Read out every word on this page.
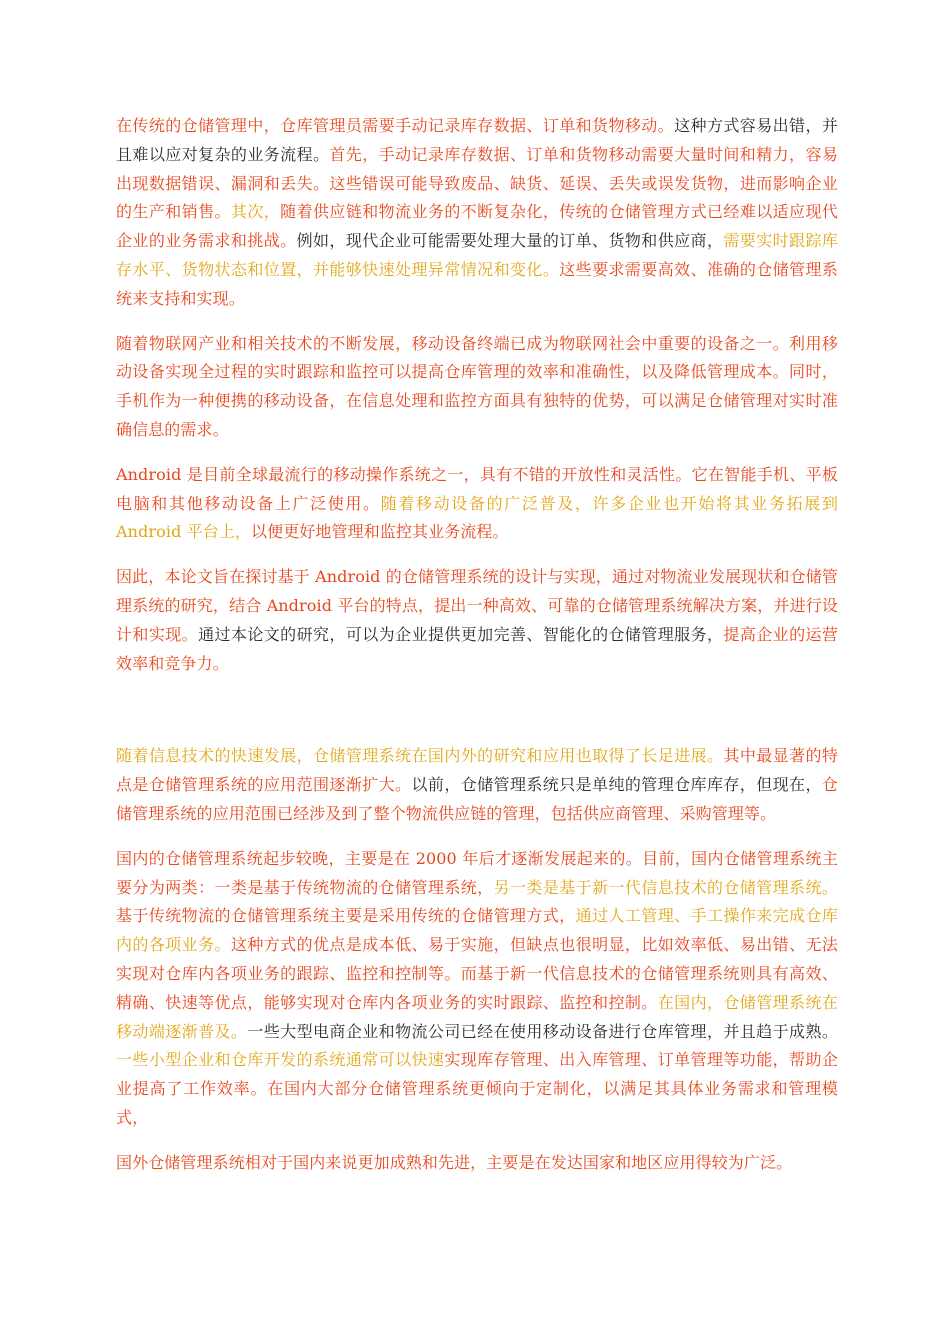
在传统的仓储管理中，仓库管理员需要手动记录库存数据、订单和货物移动。这种方式容易出错，并且难以应对复杂的业务流程。首先，手动记录库存数据、订单和货物移动需要大量时间和精力，容易出现数据错误、漏洞和丢失。这些错误可能导致废品、缺货、延误、丢失或误发货物，进而影响企业的生产和销售。其次，随着供应链和物流业务的不断复杂化，传统的仓储管理方式已经难以适应现代企业的业务需求和挑战。例如，现代企业可能需要处理大量的订单、货物和供应商，需要实时跟踪库存水平、货物状态和位置，并能够快速处理异常情况和变化。这些要求需要高效、准确的仓储管理系统来支持和实现。

随着物联网产业和相关技术的不断发展，移动设备终端已成为物联网社会中重要的设备之一。利用移动设备实现全过程的实时跟踪和监控可以提高仓库管理的效率和准确性，以及降低管理成本。同时，手机作为一种便携的移动设备，在信息处理和监控方面具有独特的优势，可以满足仓储管理对实时准确信息的需求。

Android 是目前全球最流行的移动操作系统之一，具有不错的开放性和灵活性。它在智能手机、平板电脑和其他移动设备上广泛使用。随着移动设备的广泛普及，许多企业也开始将其业务拓展到 Android 平台上，以便更好地管理和监控其业务流程。

因此，本论文旨在探讨基于 Android 的仓储管理系统的设计与实现，通过对物流业发展现状和仓储管理系统的研究，结合 Android 平台的特点，提出一种高效、可靠的仓储管理系统解决方案，并进行设计和实现。通过本论文的研究，可以为企业提供更加完善、智能化的仓储管理服务，提高企业的运营效率和竞争力。

随着信息技术的快速发展，仓储管理系统在国内外的研究和应用也取得了长足进展。其中最显著的特点是仓储管理系统的应用范围逐渐扩大。以前，仓储管理系统只是单纯的管理仓库库存，但现在，仓储管理系统的应用范围已经涉及到了整个物流供应链的管理，包括供应商管理、采购管理等。

国内的仓储管理系统起步较晚，主要是在 2000 年后才逐渐发展起来的。目前，国内仓储管理系统主要分为两类：一类是基于传统物流的仓储管理系统，另一类是基于新一代信息技术的仓储管理系统。基于传统物流的仓储管理系统主要是采用传统的仓储管理方式，通过人工管理、手工操作来完成仓库内的各项业务。这种方式的优点是成本低、易于实施，但缺点也很明显，比如效率低、易出错、无法实现对仓库内各项业务的跟踪、监控和控制等。而基于新一代信息技术的仓储管理系统则具有高效、精确、快速等优点，能够实现对仓库内各项业务的实时跟踪、监控和控制。在国内，仓储管理系统在移动端逐渐普及。一些大型电商企业和物流公司已经在使用移动设备进行仓库管理，并且趋于成熟。一些小型企业和仓库开发的系统通常可以快速实现库存管理、出入库管理、订单管理等功能，帮助企业提高了工作效率。在国内大部分仓储管理系统更倾向于定制化，以满足其具体业务需求和管理模式，

国外仓储管理系统相对于国内来说更加成熟和先进，主要是在发达国家和地区应用得较为广泛。
